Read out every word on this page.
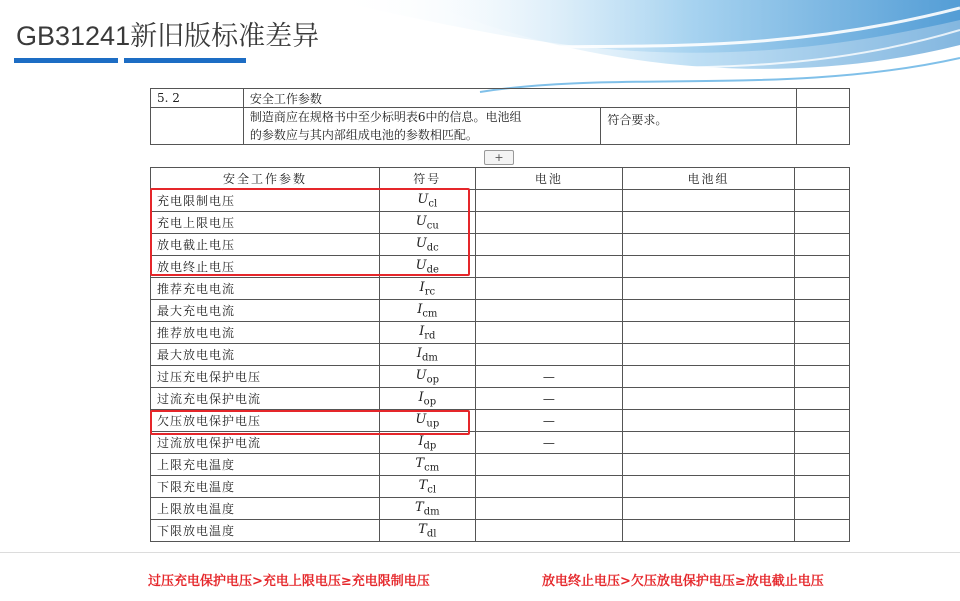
GB31241新旧版标准差异
5. 2	安全工作参数		

	制造商应在规格书中至少标明表6中的信息。电池组
的参数应与其内部组成电池的参数相匹配。	符合要求。	
+
安全工作参数	符号	电池	电池组	
充电限制电压	$U_{cl}$			
充电上限电压	$U_{cu}$			
放电截止电压	$U_{dc}$			
放电终止电压	$U_{de}$			
推荐充电电流	$I_{rc}$			
最大充电电流	$I_{cm}$			
推荐放电电流	$I_{rd}$			
最大放电电流	$I_{dm}$			
过压充电保护电压	$U_{op}$	—		
过流充电保护电流	$I_{op}$	—		
欠压放电保护电压	$U_{up}$	—		
过流放电保护电流	$I_{dp}$	—		
上限充电温度	$T_{cm}$			
下限充电温度	$T_{cl}$			
上限放电温度	$T_{dm}$			
下限放电温度	$T_{dl}$			

过压充电保护电压>充电上限电压≥充电限制电压	放电终止电压>欠压放电保护电压≥放电截止电压
